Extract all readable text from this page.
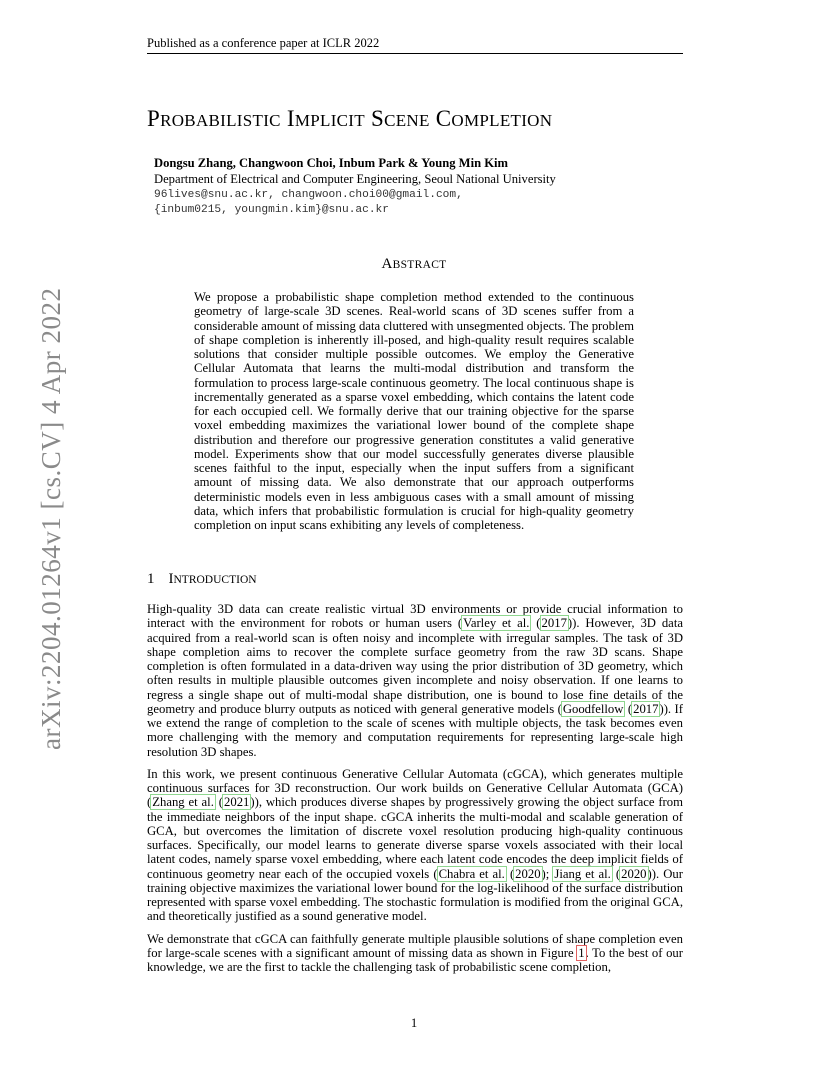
Published as a conference paper at ICLR 2022
arXiv:2204.01264v1 [cs.CV] 4 Apr 2022
PROBABILISTIC IMPLICIT SCENE COMPLETION
Dongsu Zhang, Changwoon Choi, Inbum Park & Young Min Kim
Department of Electrical and Computer Engineering, Seoul National University
96lives@snu.ac.kr, changwoon.choi00@gmail.com,
{inbum0215, youngmin.kim}@snu.ac.kr
ABSTRACT
We propose a probabilistic shape completion method extended to the continuous geometry of large-scale 3D scenes. Real-world scans of 3D scenes suffer from a considerable amount of missing data cluttered with unsegmented objects. The problem of shape completion is inherently ill-posed, and high-quality result requires scalable solutions that consider multiple possible outcomes. We employ the Generative Cellular Automata that learns the multi-modal distribution and transform the formulation to process large-scale continuous geometry. The local continuous shape is incrementally generated as a sparse voxel embedding, which contains the latent code for each occupied cell. We formally derive that our training objective for the sparse voxel embedding maximizes the variational lower bound of the complete shape distribution and therefore our progressive generation constitutes a valid generative model. Experiments show that our model successfully generates diverse plausible scenes faithful to the input, especially when the input suffers from a significant amount of missing data. We also demonstrate that our approach outperforms deterministic models even in less ambiguous cases with a small amount of missing data, which infers that probabilistic formulation is crucial for high-quality geometry completion on input scans exhibiting any levels of completeness.
1 INTRODUCTION

High-quality 3D data can create realistic virtual 3D environments or provide crucial information to interact with the environment for robots or human users (Varley et al. (2017)). However, 3D data acquired from a real-world scan is often noisy and incomplete with irregular samples. The task of 3D shape completion aims to recover the complete surface geometry from the raw 3D scans. Shape completion is often formulated in a data-driven way using the prior distribution of 3D geometry, which often results in multiple plausible outcomes given incomplete and noisy observation. If one learns to regress a single shape out of multi-modal shape distribution, one is bound to lose fine details of the geometry and produce blurry outputs as noticed with general generative models (Goodfellow (2017)). If we extend the range of completion to the scale of scenes with multiple objects, the task becomes even more challenging with the memory and computation requirements for representing large-scale high resolution 3D shapes.

In this work, we present continuous Generative Cellular Automata (cGCA), which generates multiple continuous surfaces for 3D reconstruction. Our work builds on Generative Cellular Automata (GCA) (Zhang et al. (2021)), which produces diverse shapes by progressively growing the object surface from the immediate neighbors of the input shape. cGCA inherits the multi-modal and scalable generation of GCA, but overcomes the limitation of discrete voxel resolution producing high-quality continuous surfaces. Specifically, our model learns to generate diverse sparse voxels associated with their local latent codes, namely sparse voxel embedding, where each latent code encodes the deep implicit fields of continuous geometry near each of the occupied voxels (Chabra et al. (2020); Jiang et al. (2020)). Our training objective maximizes the variational lower bound for the log-likelihood of the surface distribution represented with sparse voxel embedding. The stochastic formulation is modified from the original GCA, and theoretically justified as a sound generative model.

We demonstrate that cGCA can faithfully generate multiple plausible solutions of shape completion even for large-scale scenes with a significant amount of missing data as shown in Figure 1. To the best of our knowledge, we are the first to tackle the challenging task of probabilistic scene completion,

1
